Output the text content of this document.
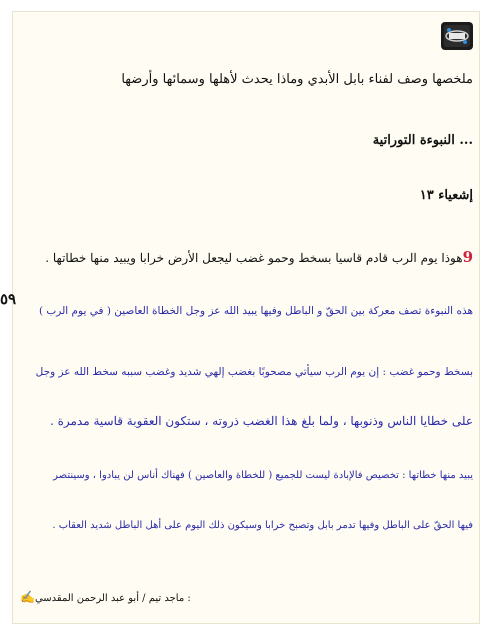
ملخصها وصف لفناء بابل الأبدي وماذا يحدث لأهلها وسمائها وأرضها
... النبوءة التوراتية
إشعياء ١٣
9هوذا يوم الرب قادم قاسيا بسخط وحمو غضب ليجعل الأرض خرابا ويبيد منها خطاتها .
٥٩
هذه النبوءة تصف معركة بين الحقّ و الباطل وفيها يبيد الله عز وجل الخطاة العاصين ( في يوم الرب )
بسخط وحمو غضب : إن يوم الرب سيأتي مصحوبًا بغضب إلهي شديد وغضب سببه سخط الله عز وجل
على خطايا الناس وذنوبها ، ولما بلغ هذا الغضب ذروته ، ستكون العقوبة قاسية مدمرة .
يبيد منها خطاتها : تخصيص فالإبادة ليست للجميع ( للخطاة والعاصين ) فهناك أناس لن يبادوا ، وسينتصر
فيها الحقّ على الباطل وفيها تدمر بابل وتصبح خرابا وسيكون ذلك اليوم على أهل الباطل شديد العقاب .
: ماجد تيم / أبو عبد الرحمن المقدسي✍
